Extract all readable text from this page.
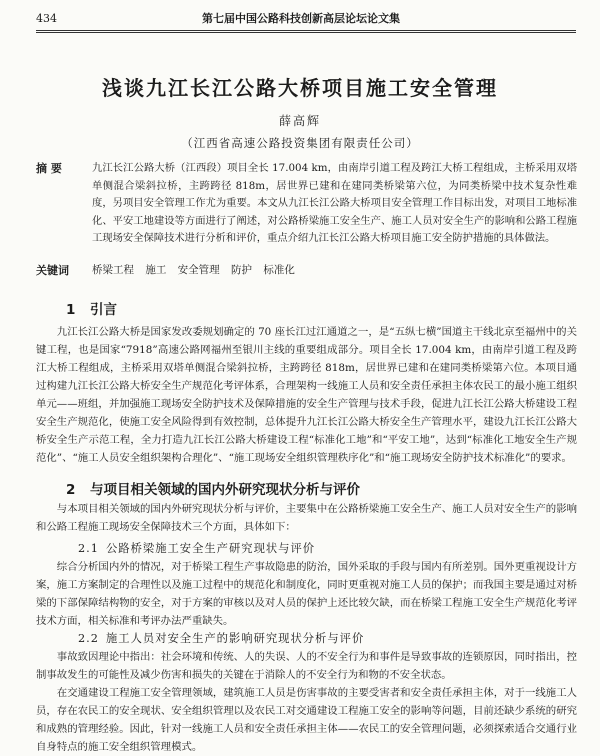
434	第七届中国公路科技创新高层论坛论文集
浅谈九江长江公路大桥项目施工安全管理
薛高辉
（江西省高速公路投资集团有限责任公司）
摘 要	九江长江公路大桥（江西段）项目全长 17.004 km，由南岸引道工程及跨江大桥工程组成，主桥采用双塔单侧混合梁斜拉桥，主跨跨径 818m，居世界已建和在建同类桥梁第六位，为同类桥梁中技术复杂性难度，另项目安全管理工作尤为重要。本文从九江长江公路大桥项目安全管理工作目标出发，对项目工地标准化、平安工地建设等方面进行了阐述，对公路桥梁施工安全生产、施工人员对安全生产的影响和公路工程施工现场安全保障技术进行分析和评价，重点介绍九江长江公路大桥项目施工安全防护措施的具体做法。
关键词 桥梁工程 施工 安全管理 防护 标准化
1 引言
九江长江公路大桥是国家发改委规划确定的 70 座长江过江通道之一，是“五纵七横”国道主干线北京至福州中的关键工程，也是国家“7918”高速公路网福州至银川主线的重要组成部分。项目全长 17.004 km，由南岸引道工程及跨江大桥工程组成，主桥采用双塔单侧混合梁斜拉桥，主跨跨径 818m，居世界已建和在建同类桥梁第六位。本项目通过构建九江长江公路大桥安全生产规范化考评体系，合理架构一线施工人员和安全责任承担主体农民工的最小施工组织单元——班组，并加强施工现场安全防护技术及保障措施的安全生产管理与技术手段，促进九江长江公路大桥建设工程安全生产规范化，使施工安全风险得到有效控制，总体提升九江长江公路大桥安全生产管理水平，建设九江长江公路大桥安全生产示范工程，全力打造九江长江公路大桥建设工程“标准化工地”和“平安工地”，达到“标准化工地安全生产规范化”、“施工人员安全组织架构合理化”、“施工现场安全组织管理秩序化”和“施工现场安全防护技术标准化”的要求。
2 与项目相关领域的国内外研究现状分析与评价
与本项目相关领域的国内外研究现状分析与评价，主要集中在公路桥梁施工安全生产、施工人员对安全生产的影响和公路工程施工现场安全保障技术三个方面，具体如下：
2.1 公路桥梁施工安全生产研究现状与评价
综合分析国内外的情况，对于桥梁工程生产事故隐患的防治，国外采取的手段与国内有所差别。国外更重视设计方案，施工方案制定的合理性以及施工过程中的规范化和制度化，同时更重视对施工人员的保护；而我国主要是通过对桥梁的下部保障结构物的安全，对于方案的审核以及对人员的保护上还比较欠缺，而在桥梁工程施工安全生产规范化考评技术方面，相关标准和考评办法严重缺失。
2.2 施工人员对安全生产的影响研究现状分析与评价
事故致因理论中指出：社会环境和传统、人的失误、人的不安全行为和事件是导致事故的连锁原因，同时指出，控制事故发生的可能性及减少伤害和损失的关键在于消除人的不安全行为和物的不安全状态。
在交通建设工程施工安全管理领域，建筑施工人员是伤害事故的主要受害者和安全责任承担主体，对于一线施工人员，存在农民工的安全现状、安全组织管理以及农民工对交通建设工程施工安全的影响等问题，目前还缺少系统的研究和成熟的管理经验。因此，针对一线施工人员和安全责任承担主体——农民工的安全管理问题，必须探索适合交通行业自身特点的施工安全组织管理模式。
